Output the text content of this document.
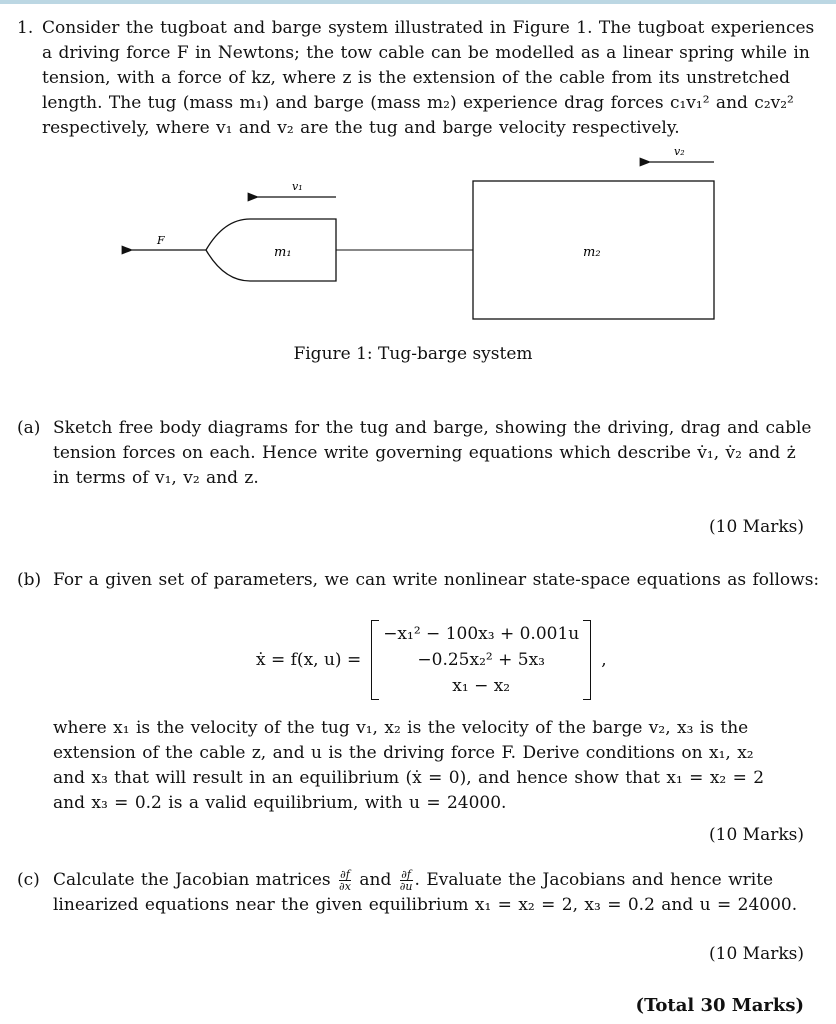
1. Consider the tugboat and barge system illustrated in Figure 1. The tugboat experiences
a driving force F in Newtons; the tow cable can be modelled as a linear spring while in
tension, with a force of kz, where z is the extension of the cable from its unstretched
length. The tug (mass m₁) and barge (mass m₂) experience drag forces c₁v₁² and c₂v₂²
respectively, where v₁ and v₂ are the tug and barge velocity respectively.
F
v₁
m₁
v₂
m₂
Figure 1: Tug-barge system
(a) Sketch free body diagrams for the tug and barge, showing the driving, drag and cable
tension forces on each. Hence write governing equations which describe v̇₁, v̇₂ and ż
in terms of v₁, v₂ and z.
(10 Marks)
(b) For a given set of parameters, we can write nonlinear state-space equations as follows:
ẋ = f(x, u) =
−x₁² − 100x₃ + 0.001u
−0.25x₂² + 5x₃
x₁ − x₂
,
where x₁ is the velocity of the tug v₁, x₂ is the velocity of the barge v₂, x₃ is the
extension of the cable z, and u is the driving force F. Derive conditions on x₁, x₂
and x₃ that will result in an equilibrium (ẋ = 0), and hence show that x₁ = x₂ = 2
and x₃ = 0.2 is a valid equilibrium, with u = 24000.
(10 Marks)
(c) Calculate the Jacobian matrices $\frac{\partial f}{\partial x}$ and $\frac{\partial f}{\partial u}$ . Evaluate the Jacobians and hence write
linearized equations near the given equilibrium x₁ = x₂ = 2, x₃ = 0.2 and u = 24000.
(10 Marks)
(Total 30 Marks)
